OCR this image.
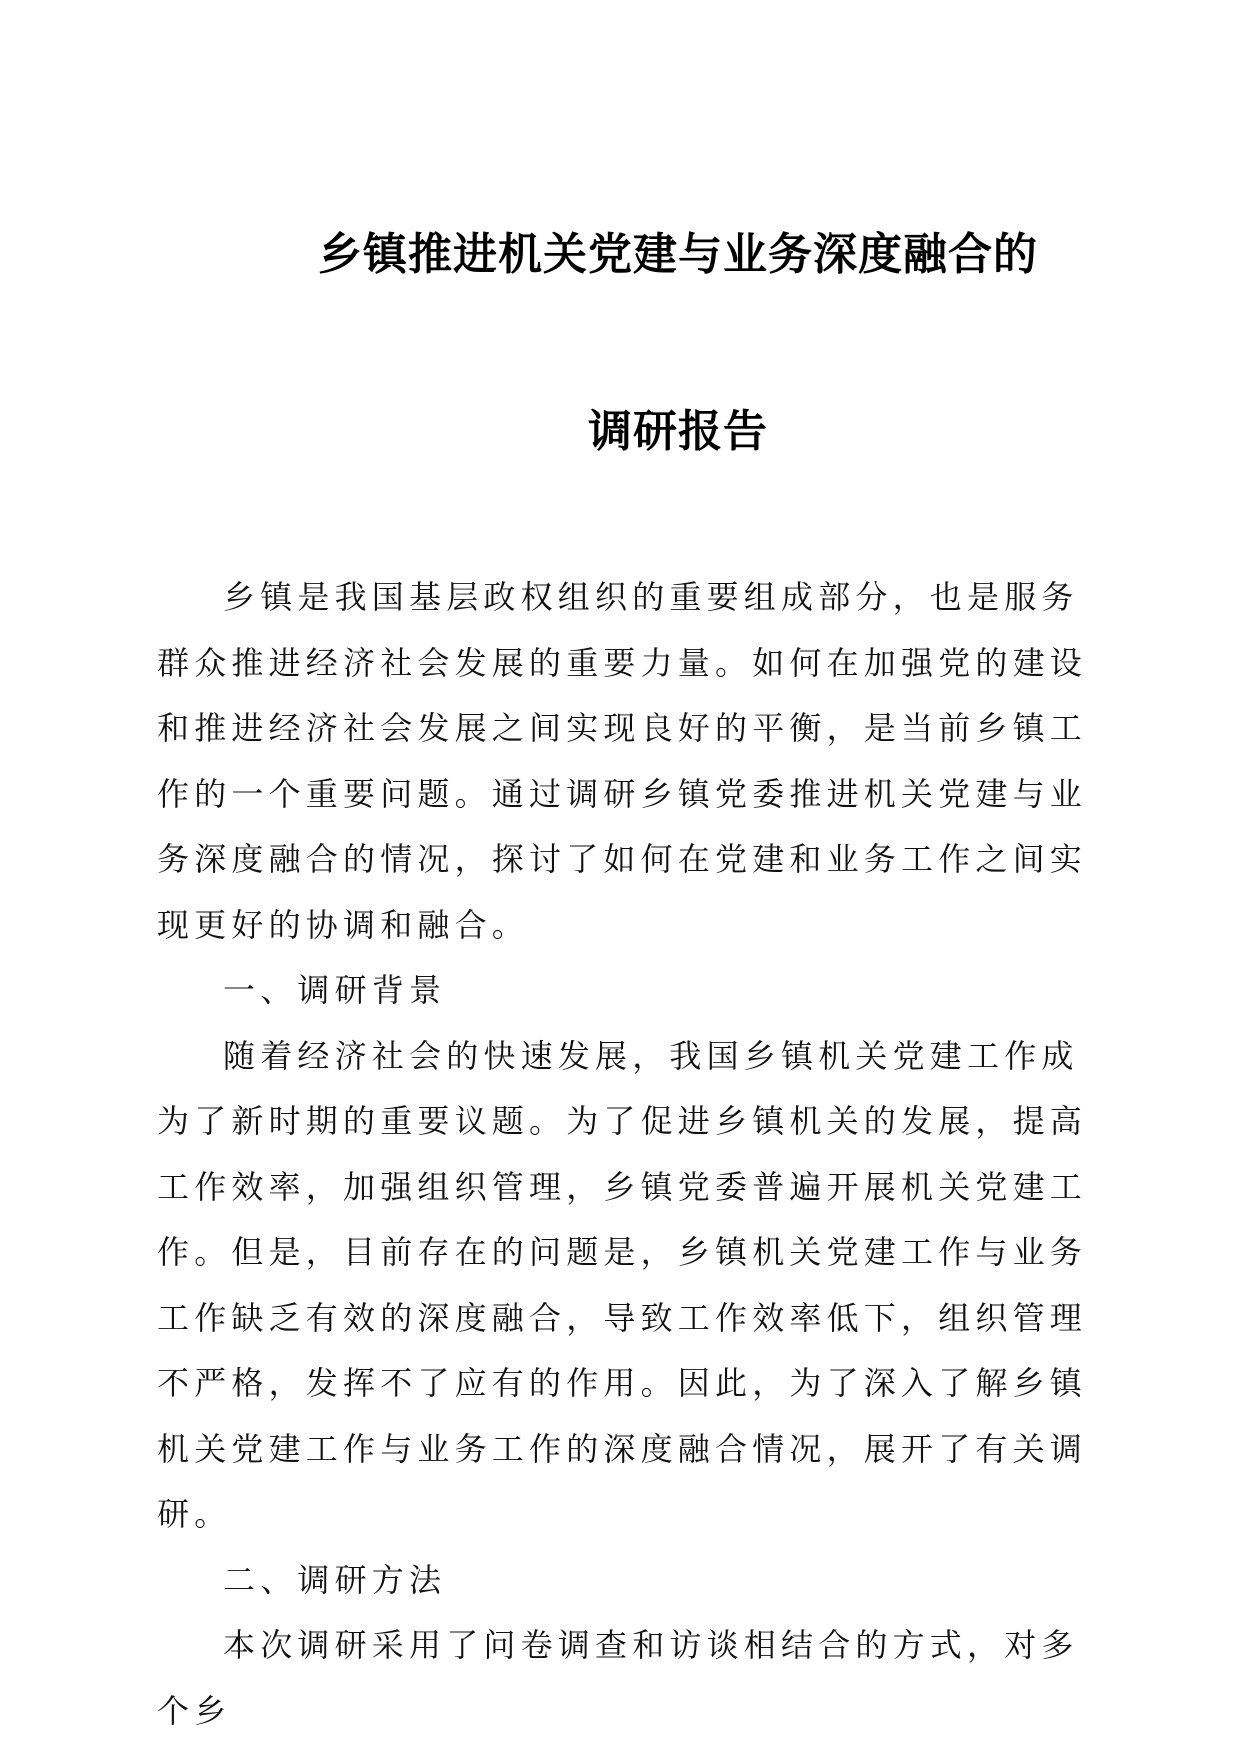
乡镇推进机关党建与业务深度融合的
调研报告

乡镇是我国基层政权组织的重要组成部分，也是服务群众推进经济社会发展的重要力量。如何在加强党的建设和推进经济社会发展之间实现良好的平衡，是当前乡镇工作的一个重要问题。通过调研乡镇党委推进机关党建与业务深度融合的情况，探讨了如何在党建和业务工作之间实现更好的协调和融合。

一、调研背景

随着经济社会的快速发展，我国乡镇机关党建工作成为了新时期的重要议题。为了促进乡镇机关的发展，提高工作效率，加强组织管理，乡镇党委普遍开展机关党建工作。但是，目前存在的问题是，乡镇机关党建工作与业务工作缺乏有效的深度融合，导致工作效率低下，组织管理不严格，发挥不了应有的作用。因此，为了深入了解乡镇机关党建工作与业务工作的深度融合情况，展开了有关调研。

二、调研方法

本次调研采用了问卷调查和访谈相结合的方式，对多个乡
